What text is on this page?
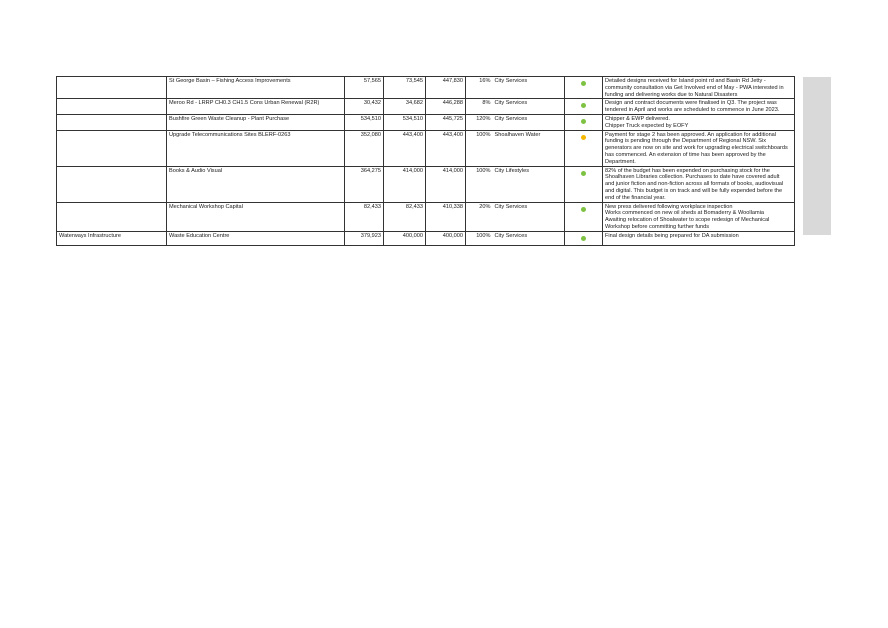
	St George Basin – Fishing Access Improvements	57,565	73,545	447,830	16%	City Services		Detailed designs received for Island point rd and Basin Rd Jetty -
community consultation via Get Involved end of May - PWA interested in
funding and delivering works due to Natural Disasters

	Meroo Rd - LRRP CH0.3 CH1.5 Cons Urban Renewal (R2R)	30,432	34,682	446,288	8%	City Services		Design and contract documents were finalised in Q3. The project was
tendered in April and works are scheduled to commence in June 2023.

	Bushfire Green Waste Cleanup - Plant Purchase	534,510	534,510	445,725	120%	City Services		Chipper & EWP delivered.
Chipper Truck expected by EOFY

	Upgrade Telecommunications Sites BLERF-0263	352,080	443,400	443,400	100%	Shoalhaven Water		Payment for stage 2 has been approved. An application for additional
funding is pending through the Department of Regional NSW. Six
generators are now on site and work for upgrading electrical switchboards
has commenced. An extension of time has been approved by the
Department.

	Books & Audio Visual	364,275	414,000	414,000	100%	City Lifestyles		82% of the budget has been expended on purchasing stock for the
Shoalhaven Libraries collection. Purchases to date have covered adult
and junior fiction and non-fiction across all formats of books, audiovisual
and digital. This budget is on track and will be fully expended before the
end of the financial year.

	Mechanical Workshop Capital	82,433	82,433	410,338	20%	City Services		New press delivered following workplace inspection
Works commenced on new oil sheds at Bomaderry & Woollamia
Awaiting relocation of Shoalwater to scope redesign of Mechanical
Workshop before committing further funds

Waterways Infrastructure	Waste Education Centre	379,923	400,000	400,000	100%	City Services		Final design details being prepared for DA submission
